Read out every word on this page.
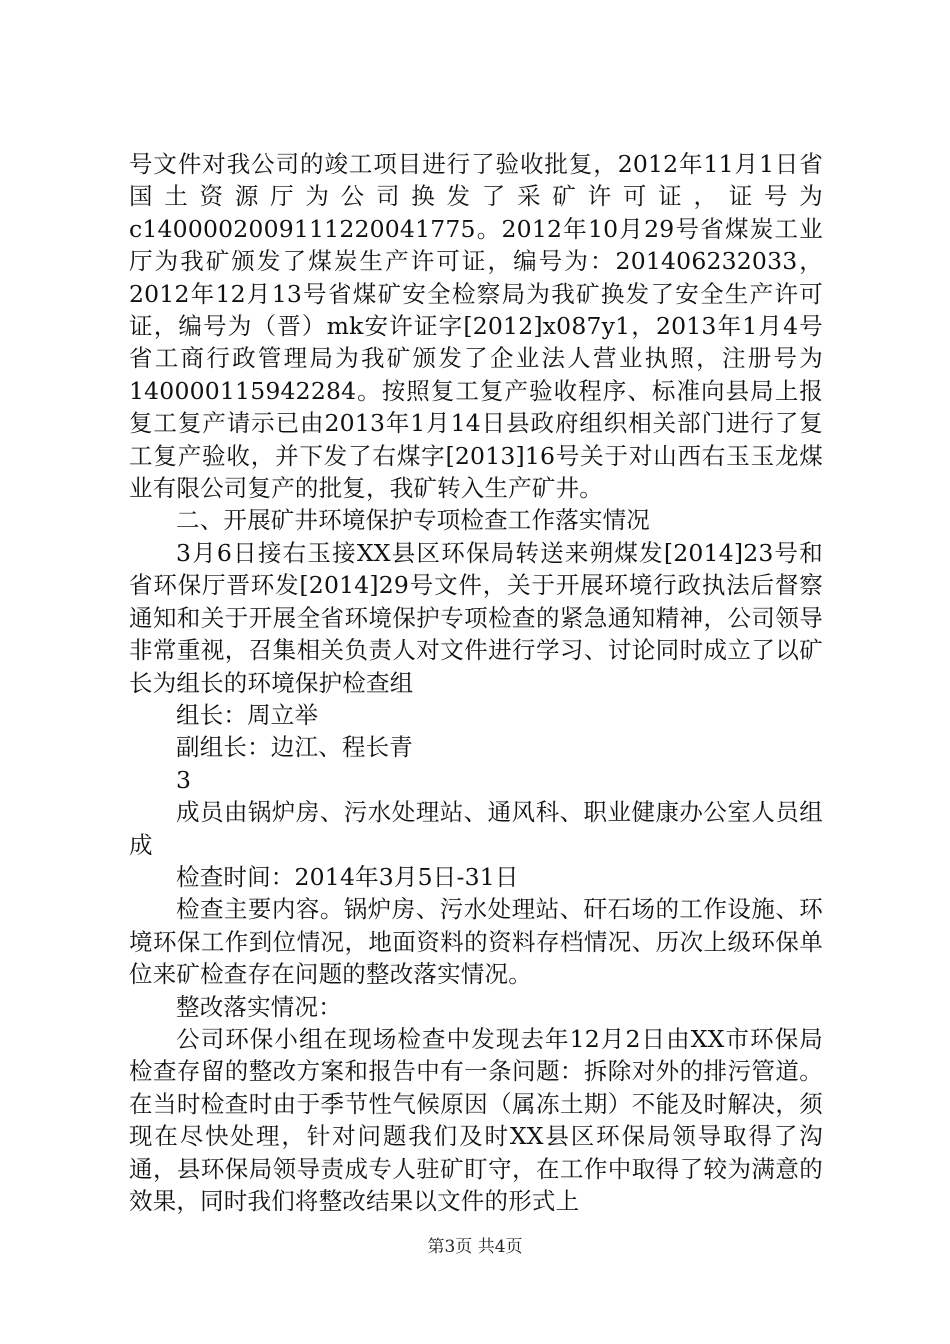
号文件对我公司的竣工项目进行了验收批复，2012年11月1日省国土资源厅为公司换发了采矿许可证，证号为c1400002009111220041775。2012年10月29号省煤炭工业厅为我矿颁发了煤炭生产许可证，编号为：201406232033，2012年12月13号省煤矿安全检察局为我矿换发了安全生产许可证，编号为（晋）mk安许证字[2012]x087y1，2013年1月4号省工商行政管理局为我矿颁发了企业法人营业执照，注册号为140000115942284。按照复工复产验收程序、标准向县局上报复工复产请示已由2013年1月14日县政府组织相关部门进行了复工复产验收，并下发了右煤字[2013]16号关于对山西右玉玉龙煤业有限公司复产的批复，我矿转入生产矿井。

二、开展矿井环境保护专项检查工作落实情况

3月6日接右玉接XX县区环保局转送来朔煤发[2014]23号和省环保厅晋环发[2014]29号文件，关于开展环境行政执法后督察通知和关于开展全省环境保护专项检查的紧急通知精神，公司领导非常重视，召集相关负责人对文件进行学习、讨论同时成立了以矿长为组长的环境保护检查组

组长：周立举

副组长：边江、程长青

3

成员由锅炉房、污水处理站、通风科、职业健康办公室人员组成

检查时间：2014年3月5日-31日

检查主要内容。锅炉房、污水处理站、矸石场的工作设施、环境环保工作到位情况，地面资料的资料存档情况、历次上级环保单位来矿检查存在问题的整改落实情况。

整改落实情况：

公司环保小组在现场检查中发现去年12月2日由XX市环保局检查存留的整改方案和报告中有一条问题：拆除对外的排污管道。在当时检查时由于季节性气候原因（属冻土期）不能及时解决，须现在尽快处理，针对问题我们及时XX县区环保局领导取得了沟通，县环保局领导责成专人驻矿盯守，在工作中取得了较为满意的效果，同时我们将整改结果以文件的形式上

第3页 共4页
